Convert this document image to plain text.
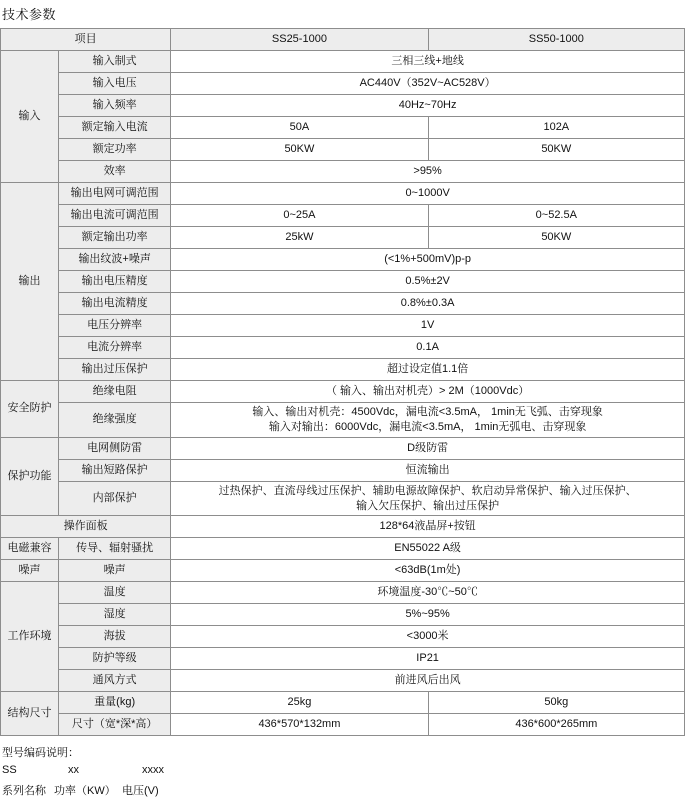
技术参数
项目		SS25-1000	SS50-1000
输入	输入制式	三相三线+地线	
	输入电压	AC440V（352V~AC528V）	
	输入频率	40Hz~70Hz	
	额定输入电流	50A	102A
	额定功率	50KW	50KW
	效率	>95%	
输出	输出电网可调范围	0~1000V	
	输出电流可调范围	0~25A	0~52.5A
	额定输出功率	25kW	50KW
	输出纹波+噪声	(<1%+500mV)p-p	
	输出电压精度	0.5%±2V	
	输出电流精度	0.8%±0.3A	
	电压分辨率	1V	
	电流分辨率	0.1A	
	输出过压保护	超过设定值1.1倍	
安全防护	绝缘电阻	（ 输入、输出对机壳）> 2M（1000Vdc）	
	绝缘强度	输入、输出对机壳：4500Vdc，漏电流<3.5mA， 1min无飞弧、击穿现象
输入对输出：6000Vdc，漏电流<3.5mA， 1min无弧电、击穿现象	
保护功能	电网侧防雷	D级防雷	
	输出短路保护	恒流输出	
	内部保护	过热保护、直流母线过压保护、辅助电源故障保护、软启动异常保护、输入过压保护、
输入欠压保护、输出过压保护	
操作面板		128*64液晶屏+按钮	
电磁兼容	传导、辐射骚扰	EN55022 A级	
噪声	噪声	<63dB(1m处)	
工作环境	温度	环境温度-30℃~50℃	
	湿度	5%~95%	
	海拔	<3000米	
	防护等级	IP21	
	通风方式	前进风后出风	
结构尺寸	重量(kg)	25kg	50kg
	尺寸（宽*深*高）	436*570*132mm	436*600*265mm
型号编码说明：
SS	xx	xxxx
系列名称 功率（KW） 电压(V)
